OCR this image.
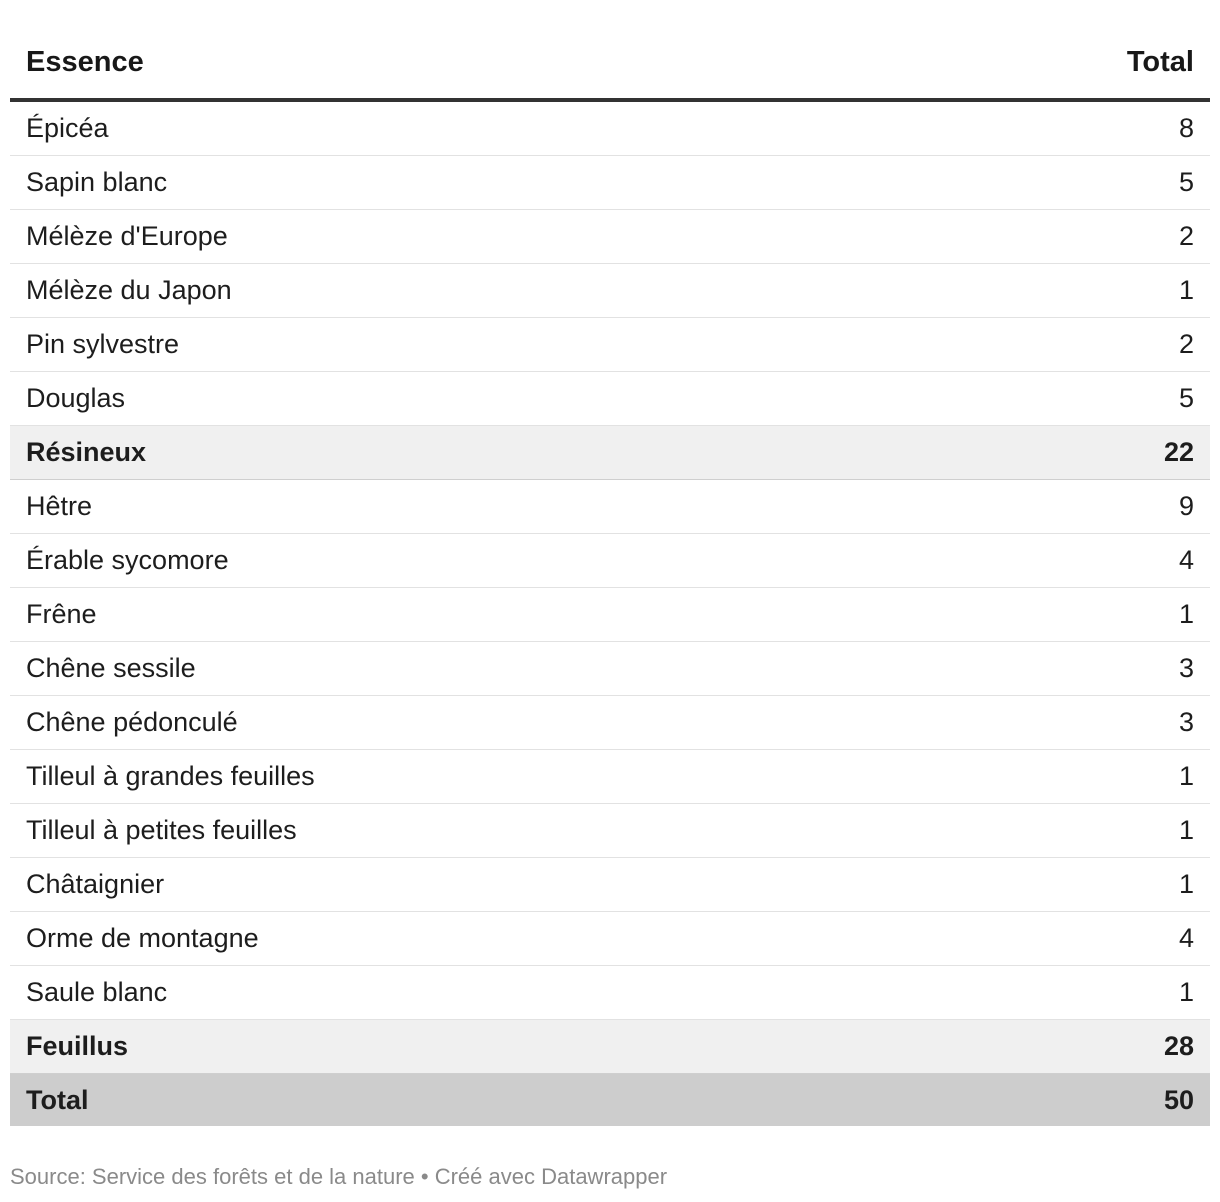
Essence	Total
Épicéa	8
Sapin blanc	5
Mélèze d'Europe	2
Mélèze du Japon	1
Pin sylvestre	2
Douglas	5
Résineux	22
Hêtre	9
Érable sycomore	4
Frêne	1
Chêne sessile	3
Chêne pédonculé	3
Tilleul à grandes feuilles	1
Tilleul à petites feuilles	1
Châtaignier	1
Orme de montagne	4
Saule blanc	1
Feuillus	28
Total	50
Source: Service des forêts et de la nature • Créé avec Datawrapper
